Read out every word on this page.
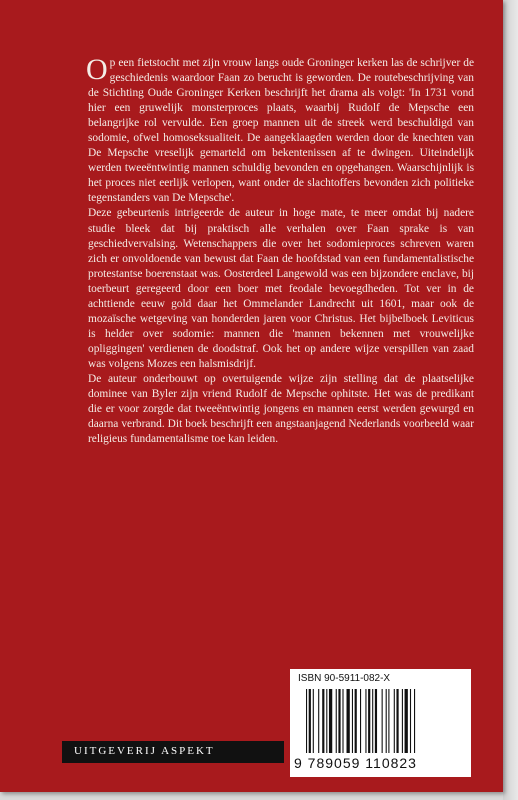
Op een fietstocht met zijn vrouw langs oude Groninger kerken las de schrijver de geschiedenis waardoor Faan zo berucht is geworden. De routebeschrijving van de Stichting Oude Groninger Kerken beschrijft het drama als volgt: 'In 1731 vond hier een gruwelijk monsterproces plaats, waarbij Rudolf de Mepsche een belangrijke rol vervulde. Een groep mannen uit de streek werd beschuldigd van sodomie, ofwel homoseksualiteit. De aangeklaagden werden door de knechten van De Mepsche vreselijk gemarteld om bekentenissen af te dwingen. Uiteindelijk werden tweeëntwintig mannen schuldig bevonden en opgehangen. Waarschijnlijk is het proces niet eerlijk verlopen, want onder de slachtoffers bevonden zich politieke tegenstanders van De Mepsche'.

Deze gebeurtenis intrigeerde de auteur in hoge mate, te meer omdat bij nadere studie bleek dat bij praktisch alle verhalen over Faan sprake is van geschiedvervalsing. Wetenschappers die over het sodomieproces schreven waren zich er onvoldoende van bewust dat Faan de hoofdstad van een fundamentalistische protestantse boerenstaat was. Oosterdeel Langewold was een bijzondere enclave, bij toerbeurt geregeerd door een boer met feodale bevoegdheden. Tot ver in de achttiende eeuw gold daar het Ommelander Landrecht uit 1601, maar ook de mozaïsche wetgeving van honderden jaren voor Christus. Het bijbelboek Leviticus is helder over sodomie: mannen die 'mannen bekennen met vrouwelijke opliggingen' verdienen de doodstraf. Ook het op andere wijze verspillen van zaad was volgens Mozes een halsmisdrijf.

De auteur onderbouwt op overtuigende wijze zijn stelling dat de plaatselijke dominee van Byler zijn vriend Rudolf de Mepsche ophitste. Het was de predikant die er voor zorgde dat tweeëntwintig jongens en mannen eerst werden gewurgd en daarna verbrand. Dit boek beschrijft een angstaanjagend Nederlands voorbeeld waar religieus fundamentalisme toe kan leiden.

ISBN 90-5911-082-X
9 789059 110823
UITGEVERIJ ASPEKT
